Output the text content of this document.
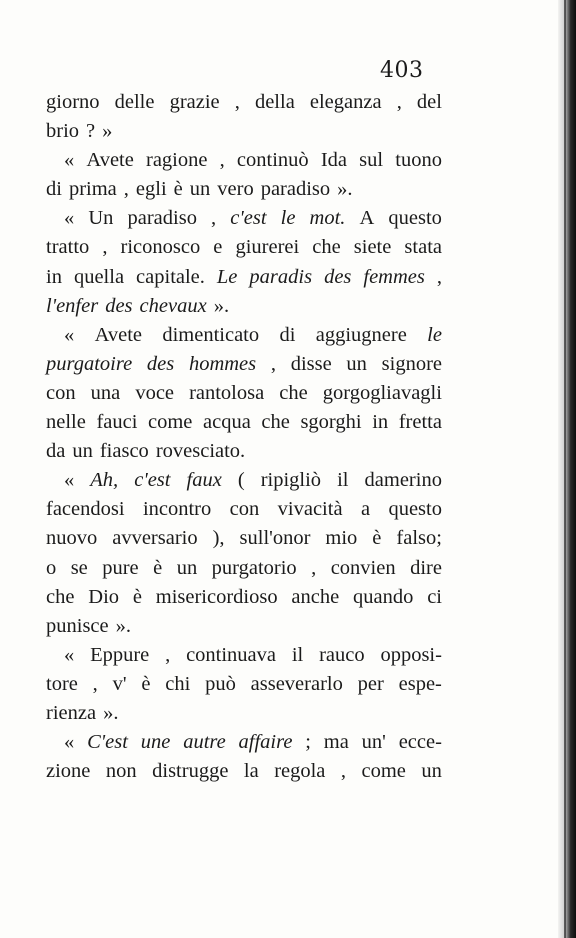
403
giorno delle grazie , della eleganza , del
brio ? »
« Avete ragione , continuò Ida sul tuono
di prima , egli è un vero paradiso ».
« Un paradiso , c'est le mot. A questo
tratto , riconosco e giurerei che siete stata
in quella capitale. Le paradis des femmes ,
l'enfer des chevaux ».
« Avete dimenticato di aggiugnere le
purgatoire des hommes , disse un signore
con una voce rantolosa che gorgogliavagli
nelle fauci come acqua che sgorghi in fretta
da un fiasco rovesciato.
« Ah, c'est faux ( ripigliò il damerino
facendosi incontro con vivacità a questo
nuovo avversario ), sull'onor mio è falso;
o se pure è un purgatorio , convien dire
che Dio è misericordioso anche quando ci
punisce ».
« Eppure , continuava il rauco opposi-
tore , v' è chi può asseverarlo per espe-
rienza ».
« C'est une autre affaire ; ma un' ecce-
zione non distrugge la regola , come un
